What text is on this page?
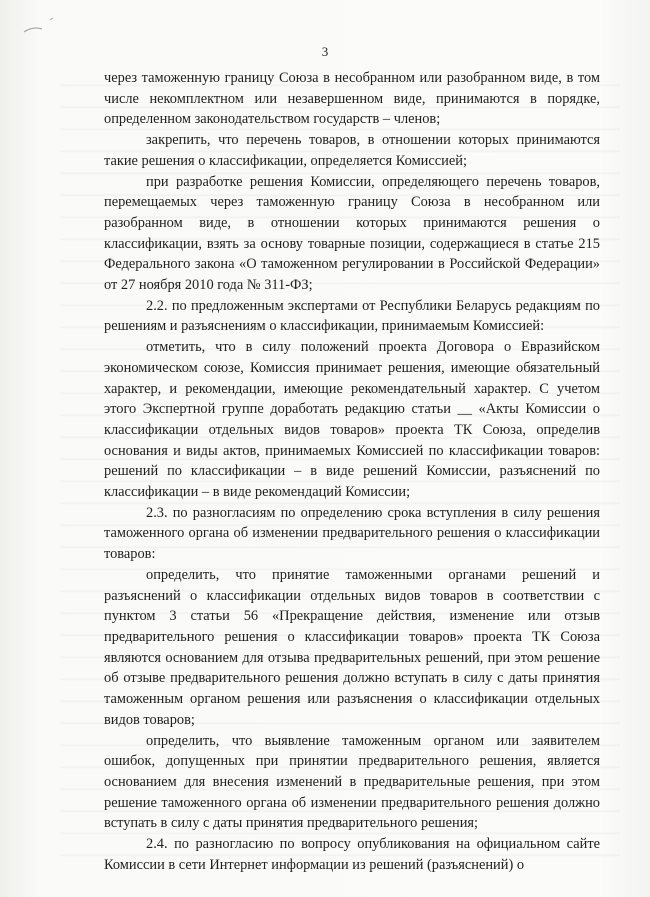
3

через таможенную границу Союза в несобранном или разобранном виде, в том числе некомплектном или незавершенном виде, принимаются в порядке, определенном законодательством государств – членов;

закрепить, что перечень товаров, в отношении которых принимаются такие решения о классификации, определяется Комиссией;

при разработке решения Комиссии, определяющего перечень товаров, перемещаемых через таможенную границу Союза в несобранном или разобранном виде, в отношении которых принимаются решения о классификации, взять за основу товарные позиции, содержащиеся в статье 215 Федерального закона «О таможенном регулировании в Российской Федерации» от 27 ноября 2010 года № 311-ФЗ;

2.2. по предложенным экспертами от Республики Беларусь редакциям по решениям и разъяснениям о классификации, принимаемым Комиссией:

отметить, что в силу положений проекта Договора о Евразийском экономическом союзе, Комиссия принимает решения, имеющие обязательный характер, и рекомендации, имеющие рекомендательный характер. С учетом этого Экспертной группе доработать редакцию статьи __ «Акты Комиссии о классификации отдельных видов товаров» проекта ТК Союза, определив основания и виды актов, принимаемых Комиссией по классификации товаров: решений по классификации – в виде решений Комиссии, разъяснений по классификации – в виде рекомендаций Комиссии;

2.3. по разногласиям по определению срока вступления в силу решения таможенного органа об изменении предварительного решения о классификации товаров:

определить, что принятие таможенными органами решений и разъяснений о классификации отдельных видов товаров в соответствии с пунктом 3 статьи 56 «Прекращение действия, изменение или отзыв предварительного решения о классификации товаров» проекта ТК Союза являются основанием для отзыва предварительных решений, при этом решение об отзыве предварительного решения должно вступать в силу с даты принятия таможенным органом решения или разъяснения о классификации отдельных видов товаров;

определить, что выявление таможенным органом или заявителем ошибок, допущенных при принятии предварительного решения, является основанием для внесения изменений в предварительные решения, при этом решение таможенного органа об изменении предварительного решения должно вступать в силу с даты принятия предварительного решения;

2.4. по разногласию по вопросу опубликования на официальном сайте Комиссии в сети Интернет информации из решений (разъяснений) о
